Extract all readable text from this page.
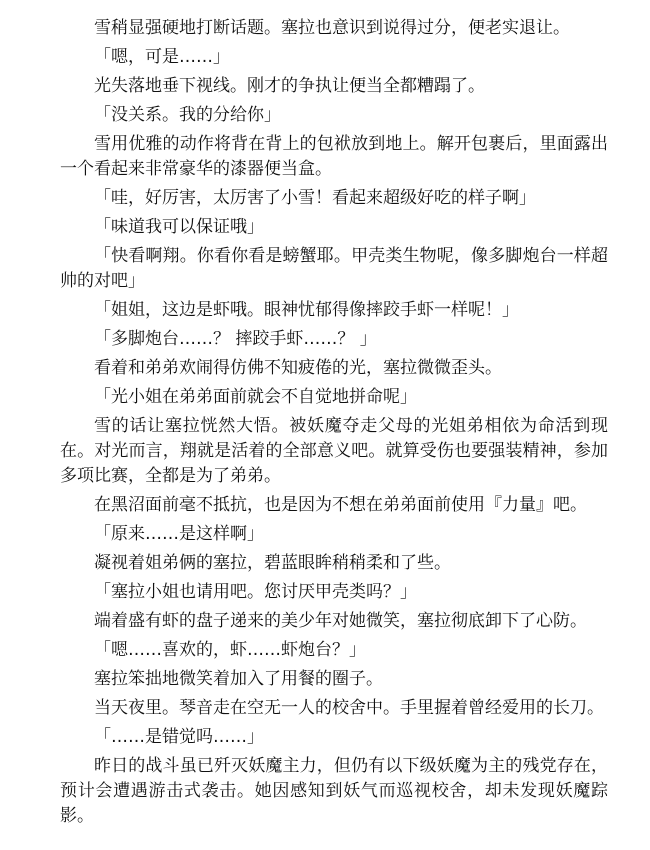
雪稍显强硬地打断话题。塞拉也意识到说得过分，便老实退让。

「嗯，可是……」

光失落地垂下视线。刚才的争执让便当全都糟蹋了。

「没关系。我的分给你」

雪用优雅的动作将背在背上的包袱放到地上。解开包裹后，里面露出一个看起来非常豪华的漆器便当盒。

「哇，好厉害，太厉害了小雪！看起来超级好吃的样子啊」

「味道我可以保证哦」

「快看啊翔。你看你看是螃蟹耶。甲壳类生物呢，像多脚炮台一样超帅的对吧」

「姐姐，这边是虾哦。眼神忧郁得像摔跤手虾一样呢！」

「多脚炮台……？ 摔跤手虾……？ 」

看着和弟弟欢闹得仿佛不知疲倦的光，塞拉微微歪头。

「光小姐在弟弟面前就会不自觉地拼命呢」

雪的话让塞拉恍然大悟。被妖魔夺走父母的光姐弟相依为命活到现在。对光而言，翔就是活着的全部意义吧。就算受伤也要强装精神，参加多项比赛，全都是为了弟弟。

在黑沼面前毫不抵抗，也是因为不想在弟弟面前使用『力量』吧。

「原来……是这样啊」

凝视着姐弟俩的塞拉，碧蓝眼眸稍稍柔和了些。

「塞拉小姐也请用吧。您讨厌甲壳类吗？」

端着盛有虾的盘子递来的美少年对她微笑，塞拉彻底卸下了心防。

「嗯……喜欢的，虾……虾炮台？」

塞拉笨拙地微笑着加入了用餐的圈子。

当天夜里。琴音走在空无一人的校舍中。手里握着曾经爱用的长刀。

「……是错觉吗……」

昨日的战斗虽已歼灭妖魔主力，但仍有以下级妖魔为主的残党存在，预计会遭遇游击式袭击。她因感知到妖气而巡视校舍，却未发现妖魔踪影。
